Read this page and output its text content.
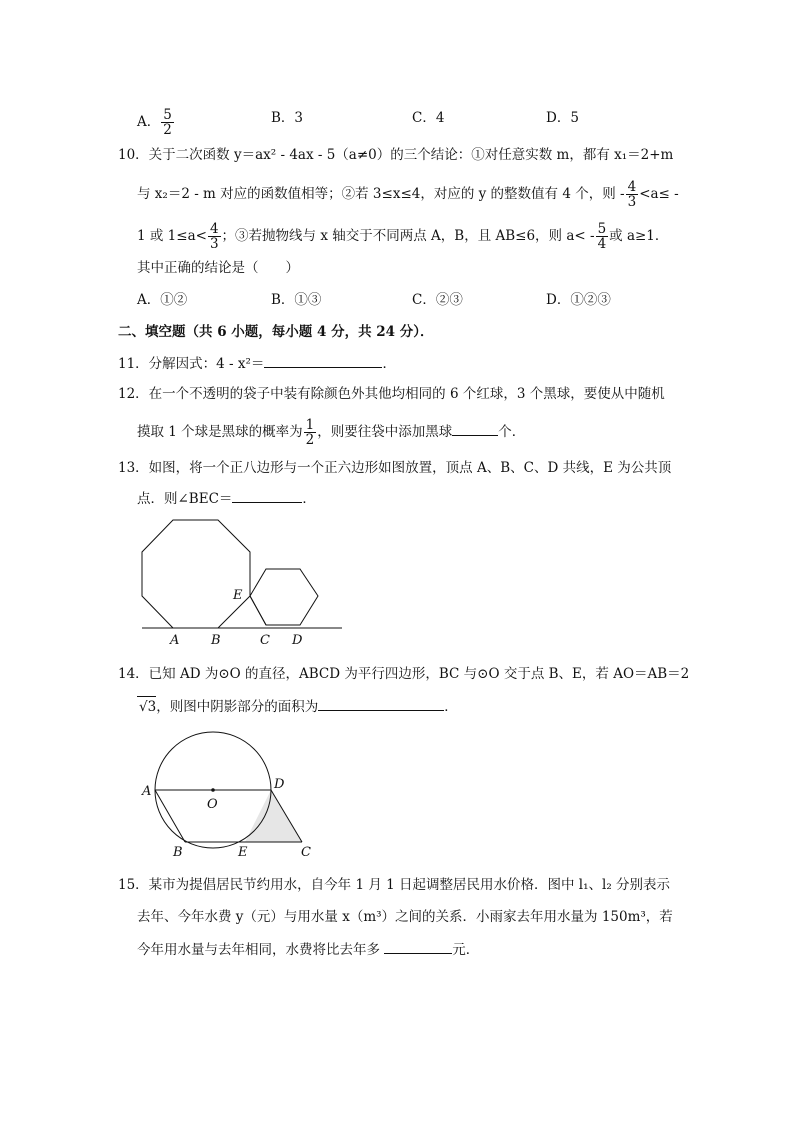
A． $\frac{5}{2}$	B．3	C．4	D．5
10．关于二次函数 y＝ax² - 4ax - 5（a≠0）的三个结论：①对任意实数 m，都有 x₁＝2+m
与 x₂＝2 - m 对应的函数值相等；②若 3≤x≤4，对应的 y 的整数值有 4 个，则 - $\frac{4}{3} <a\le$ -
1 或 $1\le a< \frac{4}{3}$ ；③若抛物线与 x 轴交于不同两点 A，B，且 AB≤6，则 $a< - \frac{5}{4}$ 或 a≥1．
其中正确的结论是（　　）
A．①②	B．①③	C．②③	D．①②③
二、填空题（共 6 小题，每小题 4 分，共 24 分）．
11．分解因式：4 - x²＝	．
12．在一个不透明的袋子中装有除颜色外其他均相同的 6 个红球，3 个黑球，要使从中随机
摸取 1 个球是黑球的概率为 $\frac{1}{2}$ ，则要往袋中添加黑球	个．
13．如图，将一个正八边形与一个正六边形如图放置，顶点 A、B、C、D 共线，E 为公共顶
点．则∠BEC＝	．
A B	C D
E
14．已知 AD 为⊙O 的直径，ABCD 为平行四边形，BC 与⊙O 交于点 B、E，若 AO＝AB＝2
√3，则图中阴影部分的面积为	．
A	D
O
B	E	C
15．某市为提倡居民节约用水，自今年 1 月 1 日起调整居民用水价格．图中 l₁、l₂ 分别表示
去年、今年水费 y（元）与用水量 x（m³）之间的关系．小雨家去年用水量为 150m³，若
今年用水量与去年相同，水费将比去年多	元．
